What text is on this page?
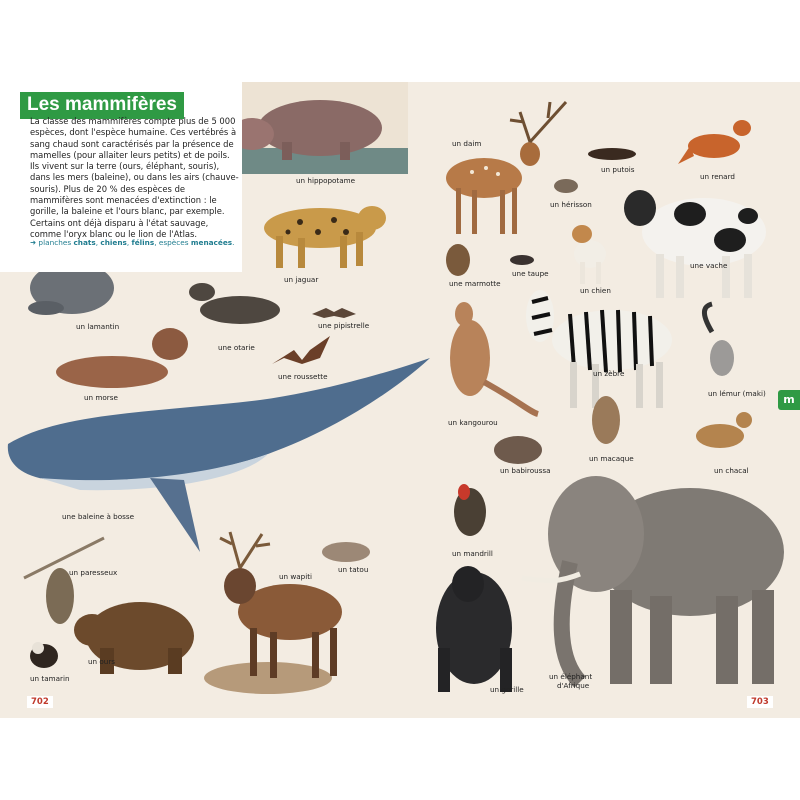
Les mammifères

La classe des mammifères compte plus de 5 000 espèces, dont l'espèce humaine. Ces vertébrés à sang chaud sont caractérisés par la présence de mamelles (pour allaiter leurs petits) et de poils. Ils vivent sur la terre (ours, éléphant, souris), dans les mers (baleine), ou dans les airs (chauve-souris). Plus de 20 % des espèces de mammifères sont menacées d'extinction : le gorille, la baleine et l'ours blanc, par exemple. Certains ont déjà disparu à l'état sauvage, comme l'oryx blanc ou le lion de l'Atlas.

➜ planches chats, chiens, félins, espèces menacées.

un hippopotame
un jaguar
un lamantin
une otarie
une pipistrelle
une roussette
un morse
une baleine à bosse
un paresseux	un wapiti
un tatou
un ours
un tamarin
un daim
un putois
un renard
un hérisson
une vache
une marmotte
une taupe
un chien
un kangourou
un zèbre
un lémur (maki)
un macaque
un chacal
un babiroussa
un mandrill
un gorille
un éléphant
d'Afrique
m
702	703
